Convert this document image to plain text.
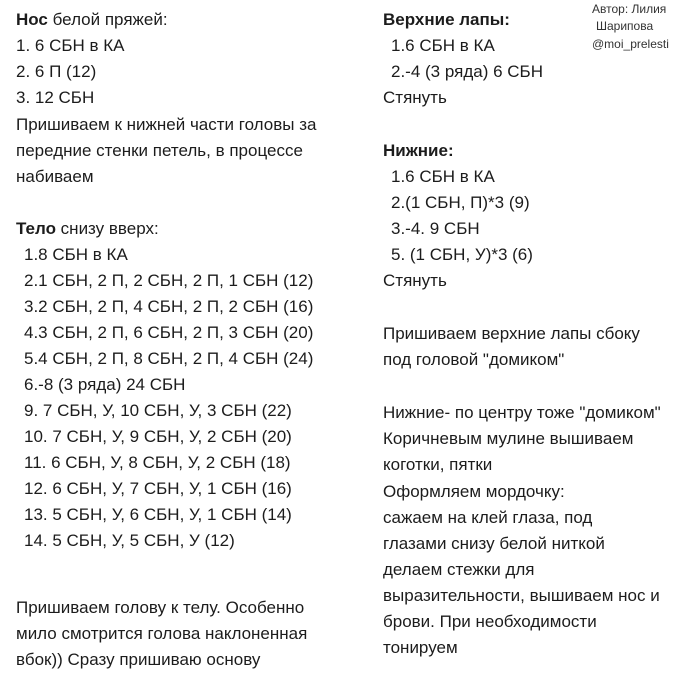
Автор: Лилия
Шарипова
@moi_prelesti
Нос белой пряжей:
1. 6 СБН в КА
2. 6 П (12)
3. 12 СБН
Пришиваем к нижней части головы за
передние стенки петель, в процессе
набиваем
Тело снизу вверх:
1.8 СБН в КА
2.1 СБН, 2 П, 2 СБН, 2 П, 1 СБН (12)
3.2 СБН, 2 П, 4 СБН, 2 П, 2 СБН (16)
4.3 СБН, 2 П, 6 СБН, 2 П, 3 СБН (20)
5.4 СБН, 2 П, 8 СБН, 2 П, 4 СБН (24)
6.-8 (3 ряда) 24 СБН
9. 7 СБН, У, 10 СБН, У, 3 СБН (22)
10. 7 СБН, У, 9 СБН, У, 2 СБН (20)
11. 6 СБН, У, 8 СБН, У, 2 СБН (18)
12. 6 СБН, У, 7 СБН, У, 1 СБН (16)
13. 5 СБН, У, 6 СБН, У, 1 СБН (14)
14. 5 СБН, У, 5 СБН, У (12)
Пришиваем голову к телу. Особенно
мило смотрится голова наклоненная
вбок)) Сразу пришиваю основу
Верхние лапы:
1.6 СБН в КА
2.-4 (3 ряда) 6 СБН
Стянуть
Нижние:
1.6 СБН в КА
2.(1 СБН, П)*3 (9)
3.-4. 9 СБН
5. (1 СБН, У)*3 (6)
Стянуть
Пришиваем верхние лапы сбоку
под головой "домиком"
Нижние- по центру тоже "домиком"
Коричневым мулине вышиваем
коготки, пятки
Оформляем мордочку:
сажаем на клей глаза, под
глазами снизу белой ниткой
делаем стежки для
выразительности, вышиваем нос и
брови. При необходимости
тонируем
